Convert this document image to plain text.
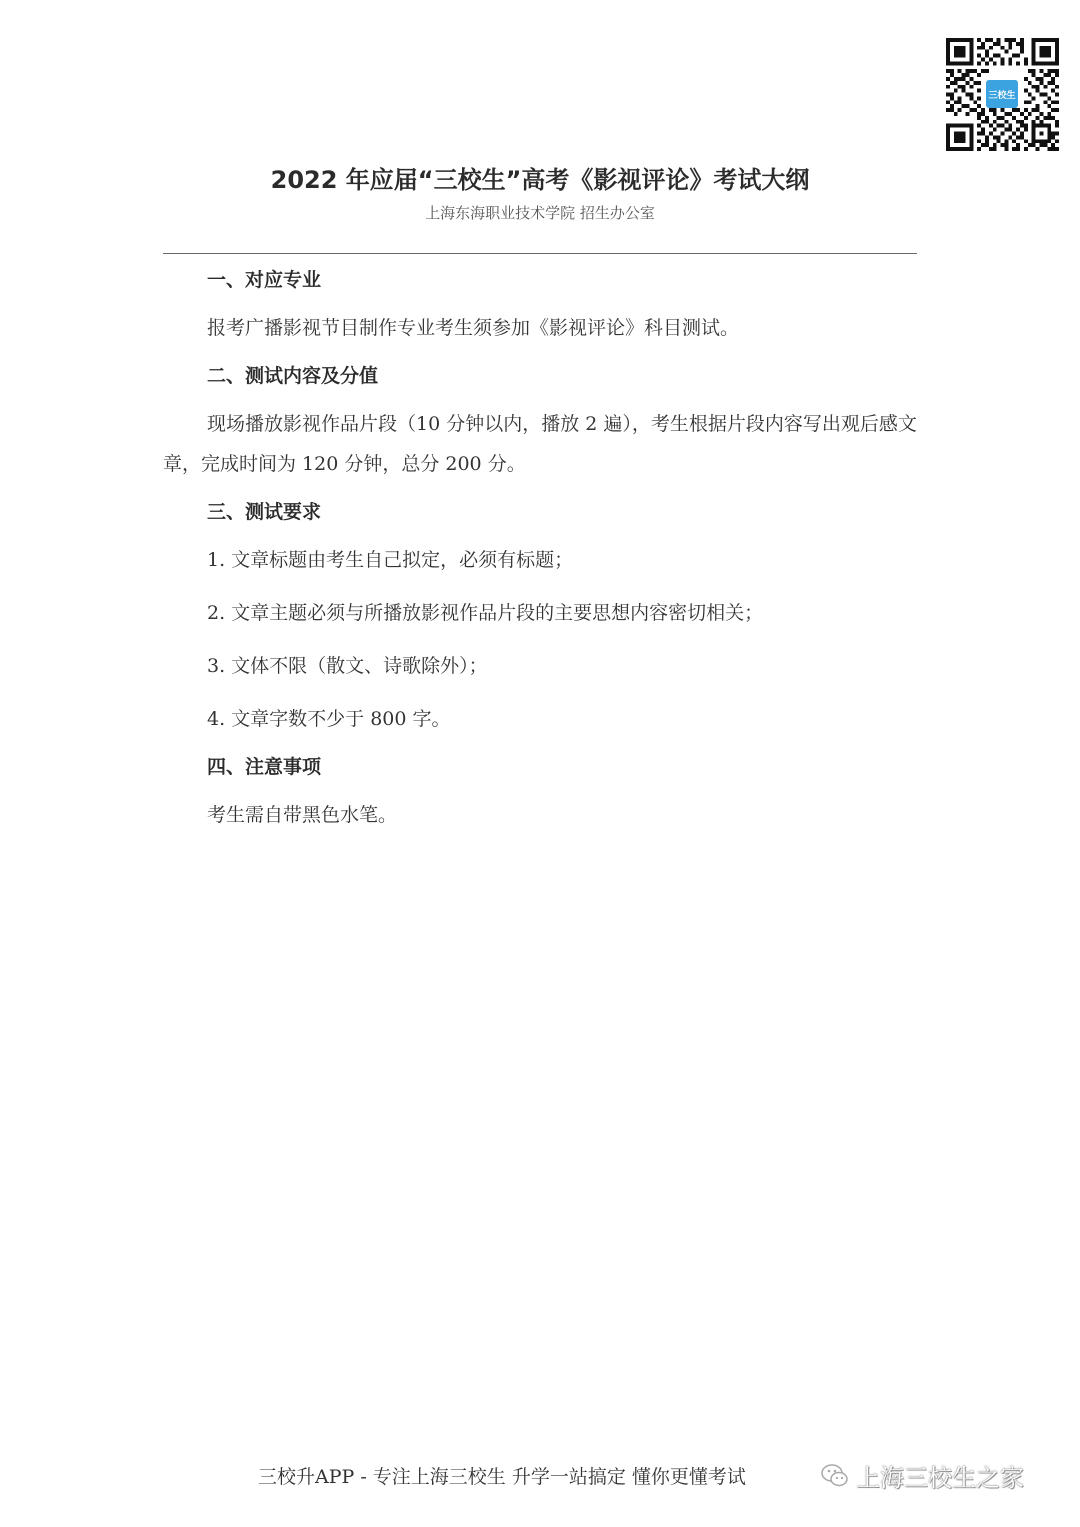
三校生
2022 年应届“三校生”高考《影视评论》考试大纲
上海东海职业技术学院 招生办公室

一、对应专业

报考广播影视节目制作专业考生须参加《影视评论》科目测试。

二、测试内容及分值

现场播放影视作品片段（10 分钟以内，播放 2 遍），考生根据片段内容写出观后感文章，完成时间为 120 分钟，总分 200 分。

三、测试要求

1. 文章标题由考生自己拟定，必须有标题；

2. 文章主题必须与所播放影视作品片段的主要思想内容密切相关；

3. 文体不限（散文、诗歌除外）；

4. 文章字数不少于 800 字。

四、注意事项

考生需自带黑色水笔。

三校升APP - 专注上海三校生 升学一站搞定 懂你更懂考试	上海三校生之家
